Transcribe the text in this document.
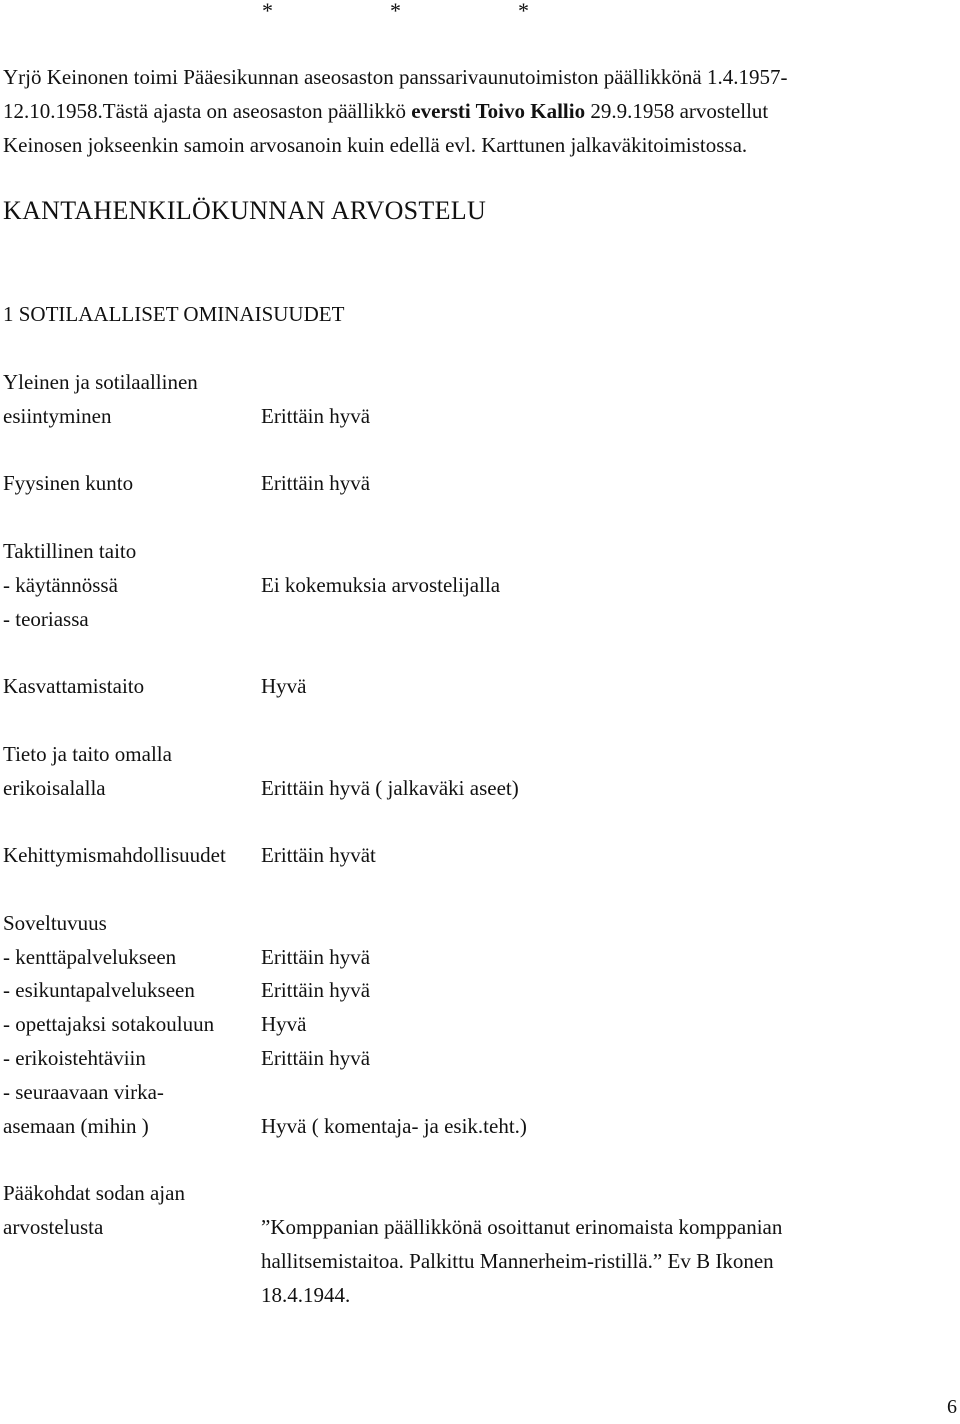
*	*	*
Yrjö Keinonen toimi Pääesikunnan aseosaston panssarivaunutoimiston päällikkönä 1.4.1957-
12.10.1958.Tästä ajasta on aseosaston päällikkö eversti Toivo Kallio 29.9.1958 arvostellut
Keinosen jokseenkin samoin arvosanoin kuin edellä evl. Karttunen jalkaväkitoimistossa.
KANTAHENKILÖKUNNAN ARVOSTELU
1 SOTILAALLISET OMINAISUUDET
Yleinen ja sotilaallinen
esiintyminen	Erittäin hyvä
Fyysinen kunto	Erittäin hyvä
Taktillinen taito
- käytännössä	Ei kokemuksia arvostelijalla
- teoriassa
Kasvattamistaito	Hyvä
Tieto ja taito omalla
erikoisalalla	Erittäin hyvä ( jalkaväki aseet)
Kehittymismahdollisuudet Erittäin hyvät
Soveltuvuus
- kenttäpalvelukseen	Erittäin hyvä
- esikuntapalvelukseen	Erittäin hyvä
- opettajaksi sotakouluun Hyvä
- erikoistehtäviin	Erittäin hyvä
- seuraavaan virka-
asemaan (mihin )	Hyvä ( komentaja- ja esik.teht.)
Pääkohdat sodan ajan
arvostelusta	”Komppanian päällikkönä osoittanut erinomaista komppanian
hallitsemistaitoa. Palkittu Mannerheim-ristillä.” Ev B Ikonen
18.4.1944.
6
